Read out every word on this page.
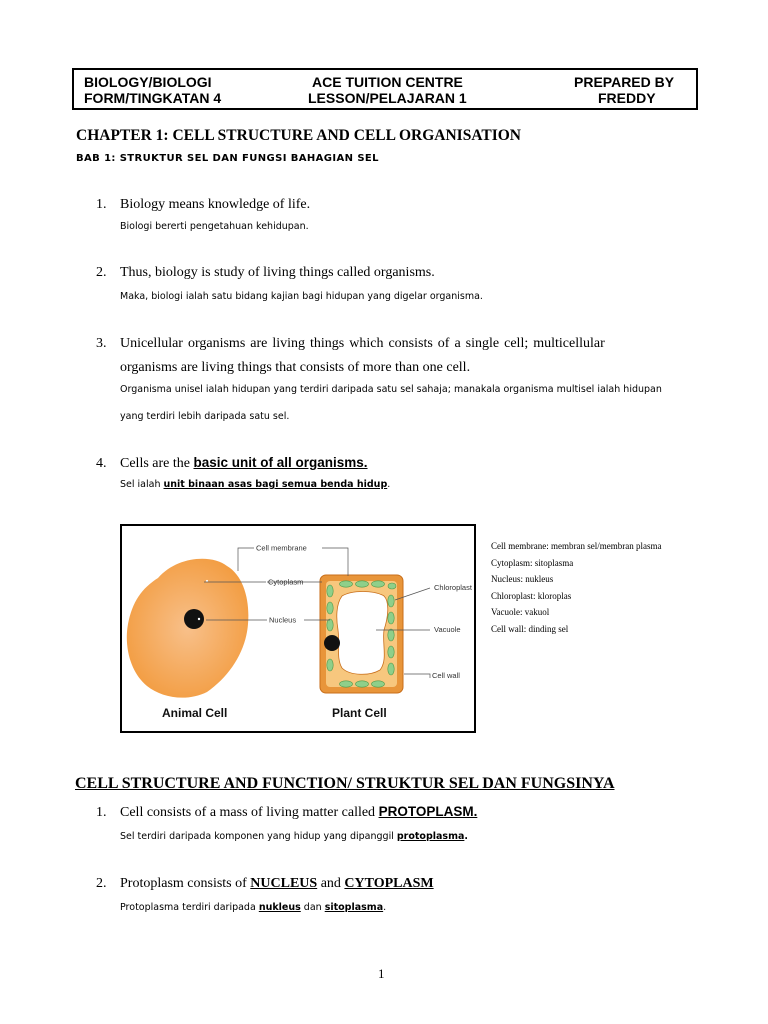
BIOLOGY/BIOLOGI
FORM/TINGKATAN 4
ACE TUITION CENTRE
LESSON/PELAJARAN 1
PREPARED BY
FREDDY
CHAPTER 1: CELL STRUCTURE AND CELL ORGANISATION
BAB 1: STRUKTUR SEL DAN FUNGSI BAHAGIAN SEL
1. Biology means knowledge of life.
Biologi bererti pengetahuan kehidupan.
2. Thus, biology is study of living things called organisms.
Maka, biologi ialah satu bidang kajian bagi hidupan yang digelar organisma.
3. Unicellular organisms are living things which consists of a single cell; multicellular
organisms are living things that consists of more than one cell.
Organisma unisel ialah hidupan yang terdiri daripada satu sel sahaja; manakala organisma multisel ialah hidupan
yang terdiri lebih daripada satu sel.
4. Cells are the basic unit of all organisms.
Sel ialah unit binaan asas bagi semua benda hidup.
Cell membrane
Cytoplasm
Nucleus
Chloroplast
Vacuole
Cell wall
Animal Cell	Plant Cell
Cell membrane: membran sel/membran plasma
Cytoplasm: sitoplasma
Nucleus: nukleus
Chloroplast: kloroplas
Vacuole: vakuol
Cell wall: dinding sel
CELL STRUCTURE AND FUNCTION/ STRUKTUR SEL DAN FUNGSINYA
1. Cell consists of a mass of living matter called PROTOPLASM.
Sel terdiri daripada komponen yang hidup yang dipanggil protoplasma.
2. Protoplasm consists of NUCLEUS and CYTOPLASM
Protoplasma terdiri daripada nukleus dan sitoplasma.
1
